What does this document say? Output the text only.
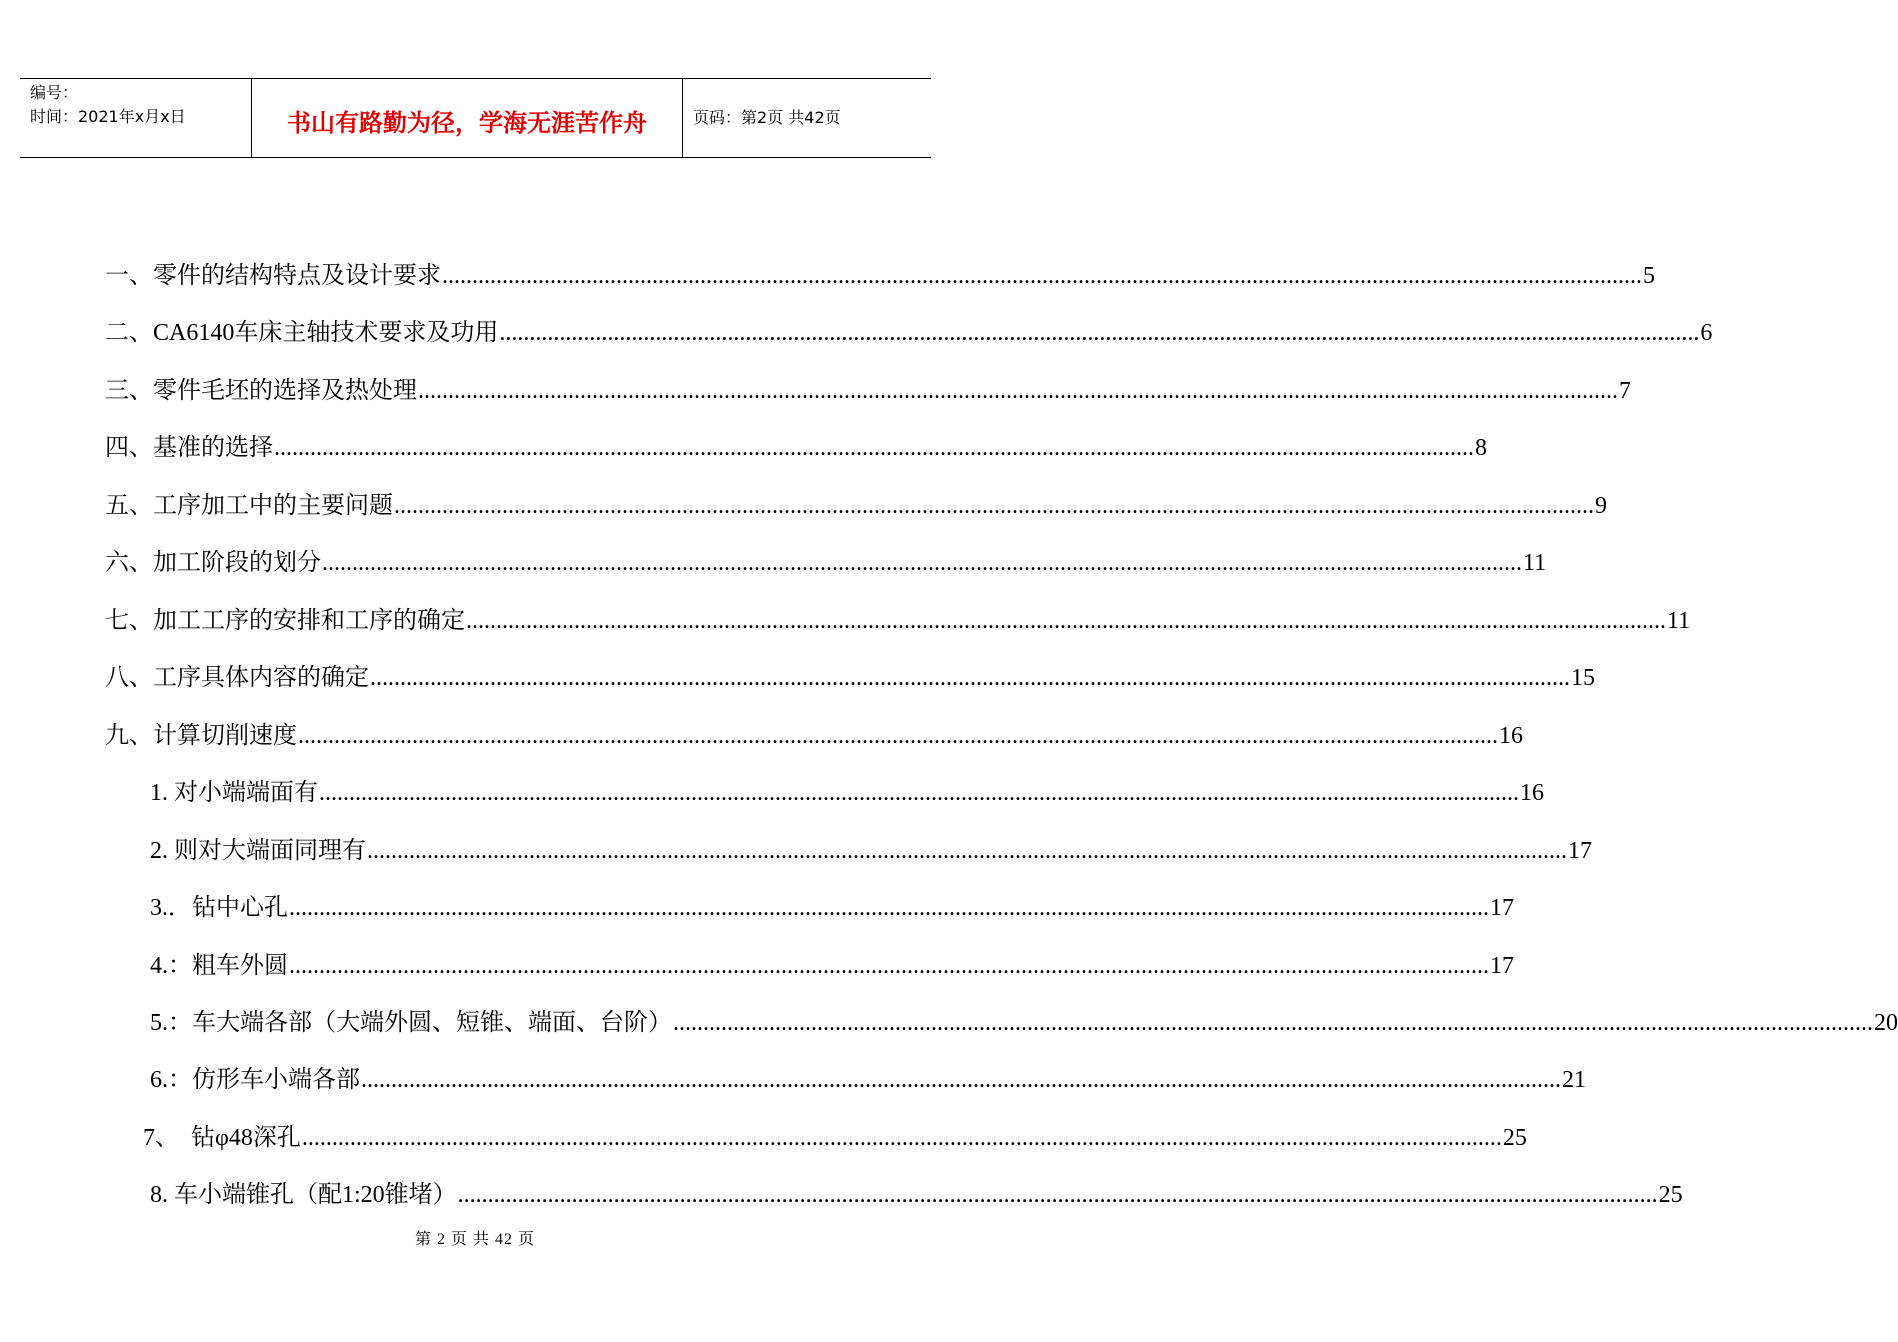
编号：
时间：2021年x月x日	书山有路勤为径，学海无涯苦作舟	页码：第2页 共42页
一、零件的结构特点及设计要求 ........................................................................................................................................................................................................ 5
二、CA6140车床主轴技术要求及功用 ........................................................................................................................................................................................................ 6
三、零件毛坯的选择及热处理 ........................................................................................................................................................................................................ 7
四、基准的选择 ........................................................................................................................................................................................................ 8
五、工序加工中的主要问题 ........................................................................................................................................................................................................ 9
六、加工阶段的划分 ........................................................................................................................................................................................................ 11
七、加工工序的安排和工序的确定 ........................................................................................................................................................................................................ 11
八、工序具体内容的确定 ........................................................................................................................................................................................................ 15
九、计算切削速度 ........................................................................................................................................................................................................ 16
1. 对小端端面有 ........................................................................................................................................................................................................ 16
2. 则对大端面同理有 ........................................................................................................................................................................................................ 17
3.．钻中心孔 ........................................................................................................................................................................................................ 17
4.：粗车外圆 ........................................................................................................................................................................................................ 17
5.：车大端各部（大端外圆、短锥、端面、台阶） ........................................................................................................................................................................................................ 20
6.：仿形车小端各部 ........................................................................................................................................................................................................ 21
7、  钻φ48深孔 ........................................................................................................................................................................................................ 25
8. 车小端锥孔（配1:20锥堵） ........................................................................................................................................................................................................ 25
第 2 页 共 42 页
